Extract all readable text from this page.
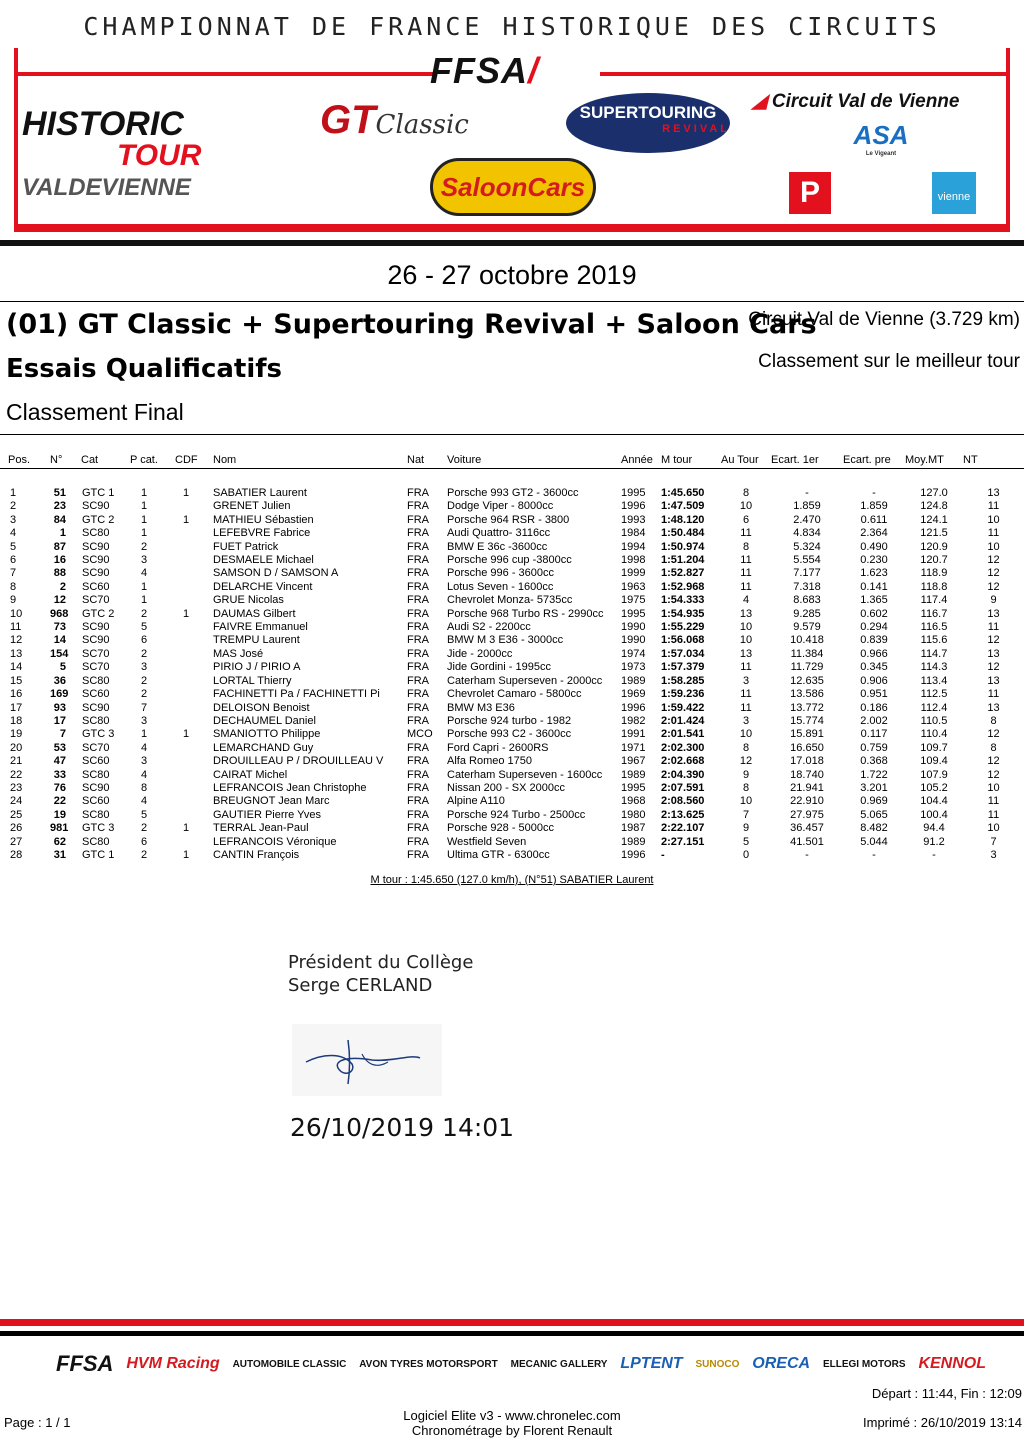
CHAMPIONNAT DE FRANCE HISTORIQUE DES CIRCUITS
FFSA/
HISTORIC
TOUR
VALDEVIENNE
GTClassic
SaloonCars
SUPERTOURING
REVIVAL
◢ Circuit Val de Vienne
ASA
Le Vigeant
P	vienne
26 - 27 octobre 2019
(01) GT Classic + Supertouring Revival + Saloon Cars
Essais Qualificatifs
Classement Final
Circuit Val de Vienne (3.729 km)
Classement sur le meilleur tour
Pos.	N°	Cat	P cat.	CDF	Nom	Nat	Voiture	Année	M tour	Au Tour	Ecart. 1er	Ecart. pre	Moy.MT	NT

1	51	GTC 1	1	1	SABATIER Laurent	FRA	Porsche 993 GT2 - 3600cc	1995	1:45.650	8	-	-	127.0	13
2	23	SC90	1		GRENET Julien	FRA	Dodge Viper - 8000cc	1996	1:47.509	10	1.859	1.859	124.8	11
3	84	GTC 2	1	1	MATHIEU Sébastien	FRA	Porsche 964 RSR - 3800	1993	1:48.120	6	2.470	0.611	124.1	10
4	1	SC80	1		LEFEBVRE Fabrice	FRA	Audi Quattro- 3116cc	1984	1:50.484	11	4.834	2.364	121.5	11
5	87	SC90	2		FUET Patrick	FRA	BMW E 36c -3600cc	1994	1:50.974	8	5.324	0.490	120.9	10
6	16	SC90	3		DESMAELE Michael	FRA	Porsche 996 cup -3800cc	1998	1:51.204	11	5.554	0.230	120.7	12
7	88	SC90	4		SAMSON D / SAMSON A	FRA	Porsche 996 - 3600cc	1999	1:52.827	11	7.177	1.623	118.9	12
8	2	SC60	1		DELARCHE Vincent	FRA	Lotus Seven - 1600cc	1963	1:52.968	11	7.318	0.141	118.8	12
9	12	SC70	1		GRUE Nicolas	FRA	Chevrolet Monza- 5735cc	1975	1:54.333	4	8.683	1.365	117.4	9
10	968	GTC 2	2	1	DAUMAS Gilbert	FRA	Porsche 968 Turbo RS - 2990cc	1995	1:54.935	13	9.285	0.602	116.7	13
11	73	SC90	5		FAIVRE Emmanuel	FRA	Audi S2 - 2200cc	1990	1:55.229	10	9.579	0.294	116.5	11
12	14	SC90	6		TREMPU Laurent	FRA	BMW M 3 E36 - 3000cc	1990	1:56.068	10	10.418	0.839	115.6	12
13	154	SC70	2		MAS José	FRA	Jide - 2000cc	1974	1:57.034	13	11.384	0.966	114.7	13
14	5	SC70	3		PIRIO J / PIRIO A	FRA	Jide Gordini - 1995cc	1973	1:57.379	11	11.729	0.345	114.3	12
15	36	SC80	2		LORTAL Thierry	FRA	Caterham Superseven - 2000cc	1989	1:58.285	3	12.635	0.906	113.4	13
16	169	SC60	2		FACHINETTI Pa / FACHINETTI Pi	FRA	Chevrolet Camaro - 5800cc	1969	1:59.236	11	13.586	0.951	112.5	11
17	93	SC90	7		DELOISON Benoist	FRA	BMW M3 E36	1996	1:59.422	11	13.772	0.186	112.4	13
18	17	SC80	3		DECHAUMEL Daniel	FRA	Porsche 924 turbo - 1982	1982	2:01.424	3	15.774	2.002	110.5	8
19	7	GTC 3	1	1	SMANIOTTO Philippe	MCO	Porsche 993 C2 - 3600cc	1991	2:01.541	10	15.891	0.117	110.4	12
20	53	SC70	4		LEMARCHAND Guy	FRA	Ford Capri - 2600RS	1971	2:02.300	8	16.650	0.759	109.7	8
21	47	SC60	3		DROUILLEAU P / DROUILLEAU V	FRA	Alfa Romeo 1750	1967	2:02.668	12	17.018	0.368	109.4	12
22	33	SC80	4		CAIRAT Michel	FRA	Caterham Superseven - 1600cc	1989	2:04.390	9	18.740	1.722	107.9	12
23	76	SC90	8		LEFRANCOIS Jean Christophe	FRA	Nissan 200 - SX 2000cc	1995	2:07.591	8	21.941	3.201	105.2	10
24	22	SC60	4		BREUGNOT Jean Marc	FRA	Alpine A110	1968	2:08.560	10	22.910	0.969	104.4	11
25	19	SC80	5		GAUTIER Pierre Yves	FRA	Porsche 924 Turbo - 2500cc	1980	2:13.625	7	27.975	5.065	100.4	11
26	981	GTC 3	2	1	TERRAL Jean-Paul	FRA	Porsche 928 - 5000cc	1987	2:22.107	9	36.457	8.482	94.4	10
27	62	SC80	6		LEFRANCOIS Véronique	FRA	Westfield Seven	1989	2:27.151	5	41.501	5.044	91.2	7
28	31	GTC 1	2	1	CANTIN François	FRA	Ultima GTR - 6300cc	1996	-	0	-	-	-	3
M tour : 1:45.650 (127.0 km/h), (N°51) SABATIER Laurent
Président du Collège
Serge CERLAND
26/10/2019 14:01
FFSA HVM Racing AUTOMOBILE CLASSIC AVON TYRES MOTORSPORT MECANIC GALLERY LPTENT SUNOCO ORECA ELLEGI MOTORS KENNOL
Départ : 11:44, Fin : 12:09
Page : 1 / 1	Logiciel Elite v3 - www.chronelec.com
Chronométrage by Florent Renault
Imprimé : 26/10/2019 13:14
